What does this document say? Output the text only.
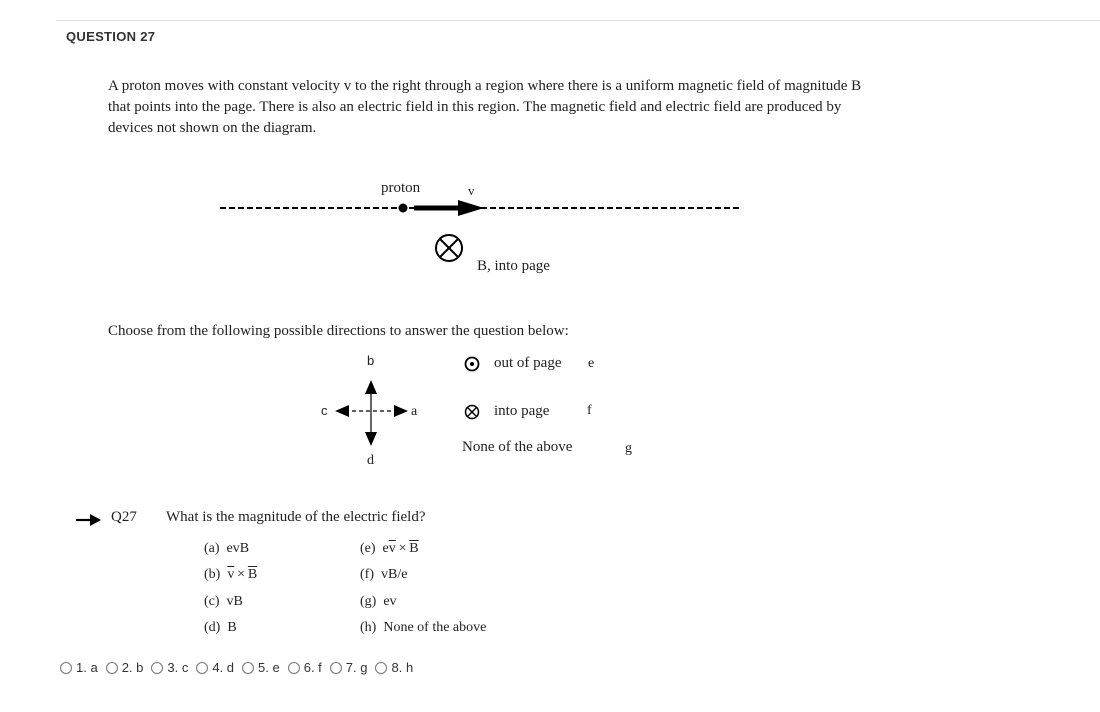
QUESTION 27
A proton moves with constant velocity v to the right through a region where there is a uniform magnetic field of magnitude B that points into the page. There is also an electric field in this region. The magnetic field and electric field are produced by devices not shown on the diagram.
proton	v
B, into page
Choose from the following possible directions to answer the question below:
b
c	a
d
out of page e
into page	f
None of the above	g
Q27 What is the magnitude of the electric field?
(a) evB
(b) $\overline{v} \times \overline{B}$
(c) vB
(d) B
(e) $e\overline{v} \times \overline{B}$
(f) vB/e
(g) ev
(h) None of the above
1. a 2. b 3. c 4. d 5. e 6. f 7. g 8. h
